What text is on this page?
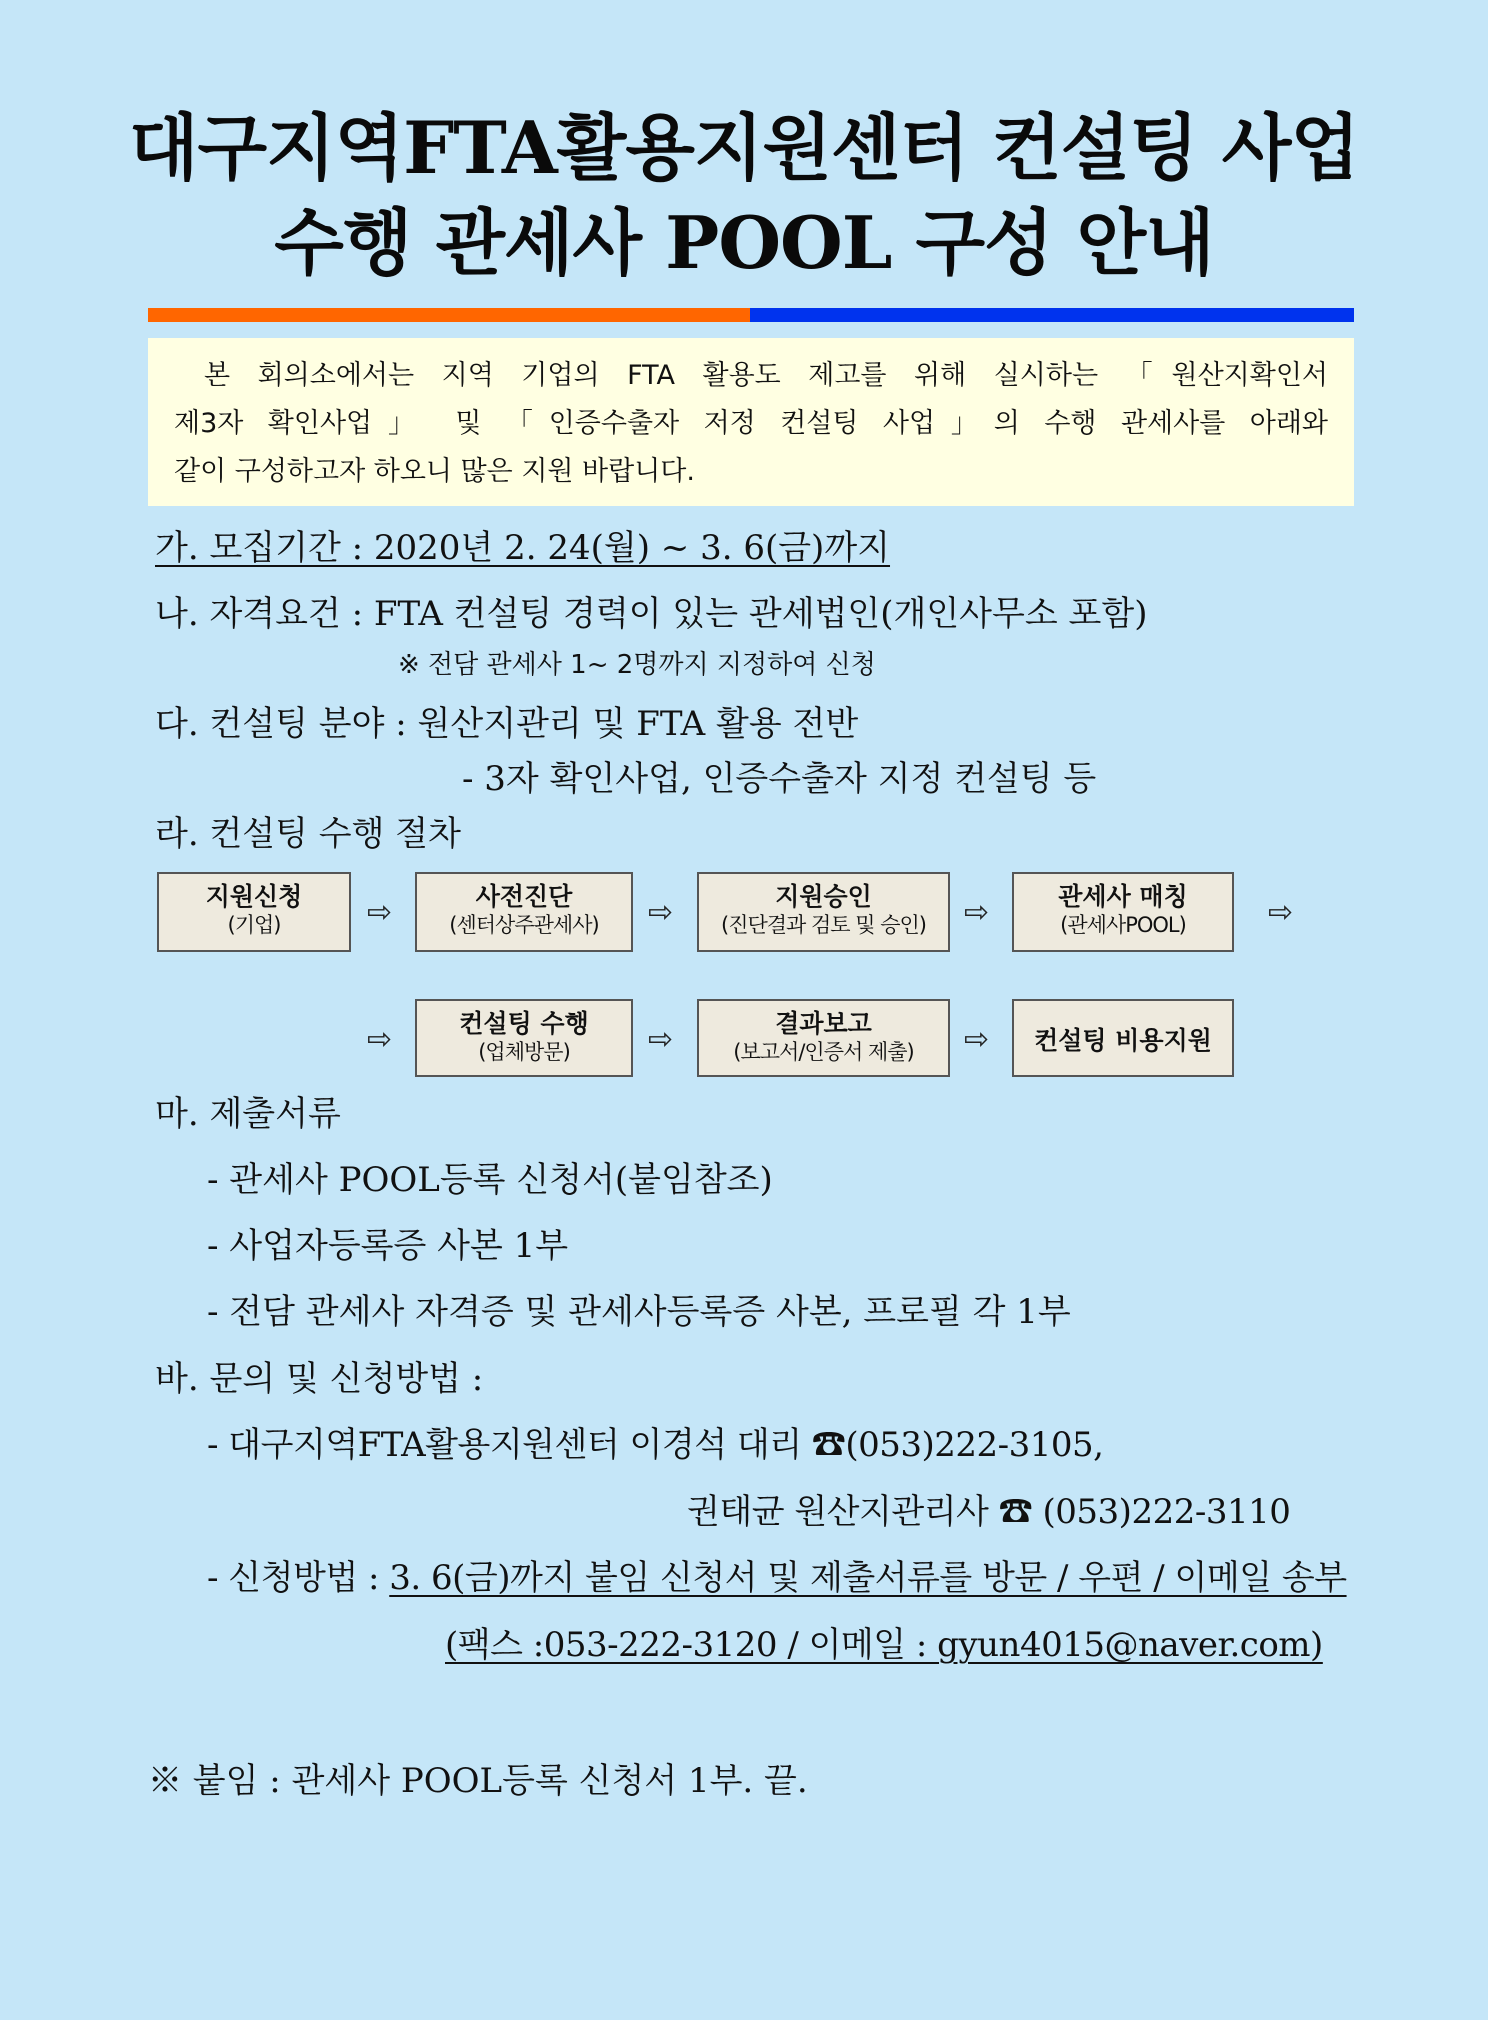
대구지역FTA활용지원센터 컨설팅 사업
수행 관세사 POOL 구성 안내
본 회의소에서는 지역 기업의 FTA 활용도 제고를 위해 실시하는 「원산지확인서
제3자 확인사업」 및 「인증수출자 저정 컨설팅 사업」의 수행 관세사를 아래와
같이 구성하고자 하오니 많은 지원 바랍니다.
가. 모집기간 : 2020년 2. 24(월) ~ 3. 6(금)까지
나. 자격요건 : FTA 컨설팅 경력이 있는 관세법인(개인사무소 포함)
※ 전담 관세사 1~ 2명까지 지정하여 신청
다. 컨설팅 분야 : 원산지관리 및 FTA 활용 전반
- 3자 확인사업, 인증수출자 지정 컨설팅 등
라. 컨설팅 수행 절차
지원신청
(기업)	⇨	사전진단
(센터상주관세사)	⇨	지원승인
(진단결과 검토 및 승인)	⇨	관세사 매칭
(관세사POOL)	⇨
⇨	컨설팅 수행
(업체방문)	⇨	결과보고
(보고서/인증서 제출)	⇨	컨설팅 비용지원
마. 제출서류
- 관세사 POOL등록 신청서(붙임참조)
- 사업자등록증 사본 1부
- 전담 관세사 자격증 및 관세사등록증 사본, 프로필 각 1부
바. 문의 및 신청방법 :
- 대구지역FTA활용지원센터 이경석 대리 ☎(053)222-3105,
권태균 원산지관리사 ☎ (053)222-3110
- 신청방법 : 3. 6(금)까지 붙임 신청서 및 제출서류를 방문 / 우편 / 이메일 송부
(팩스 :053-222-3120 / 이메일 : gyun4015@naver.com)
※ 붙임 : 관세사 POOL등록 신청서 1부. 끝.
